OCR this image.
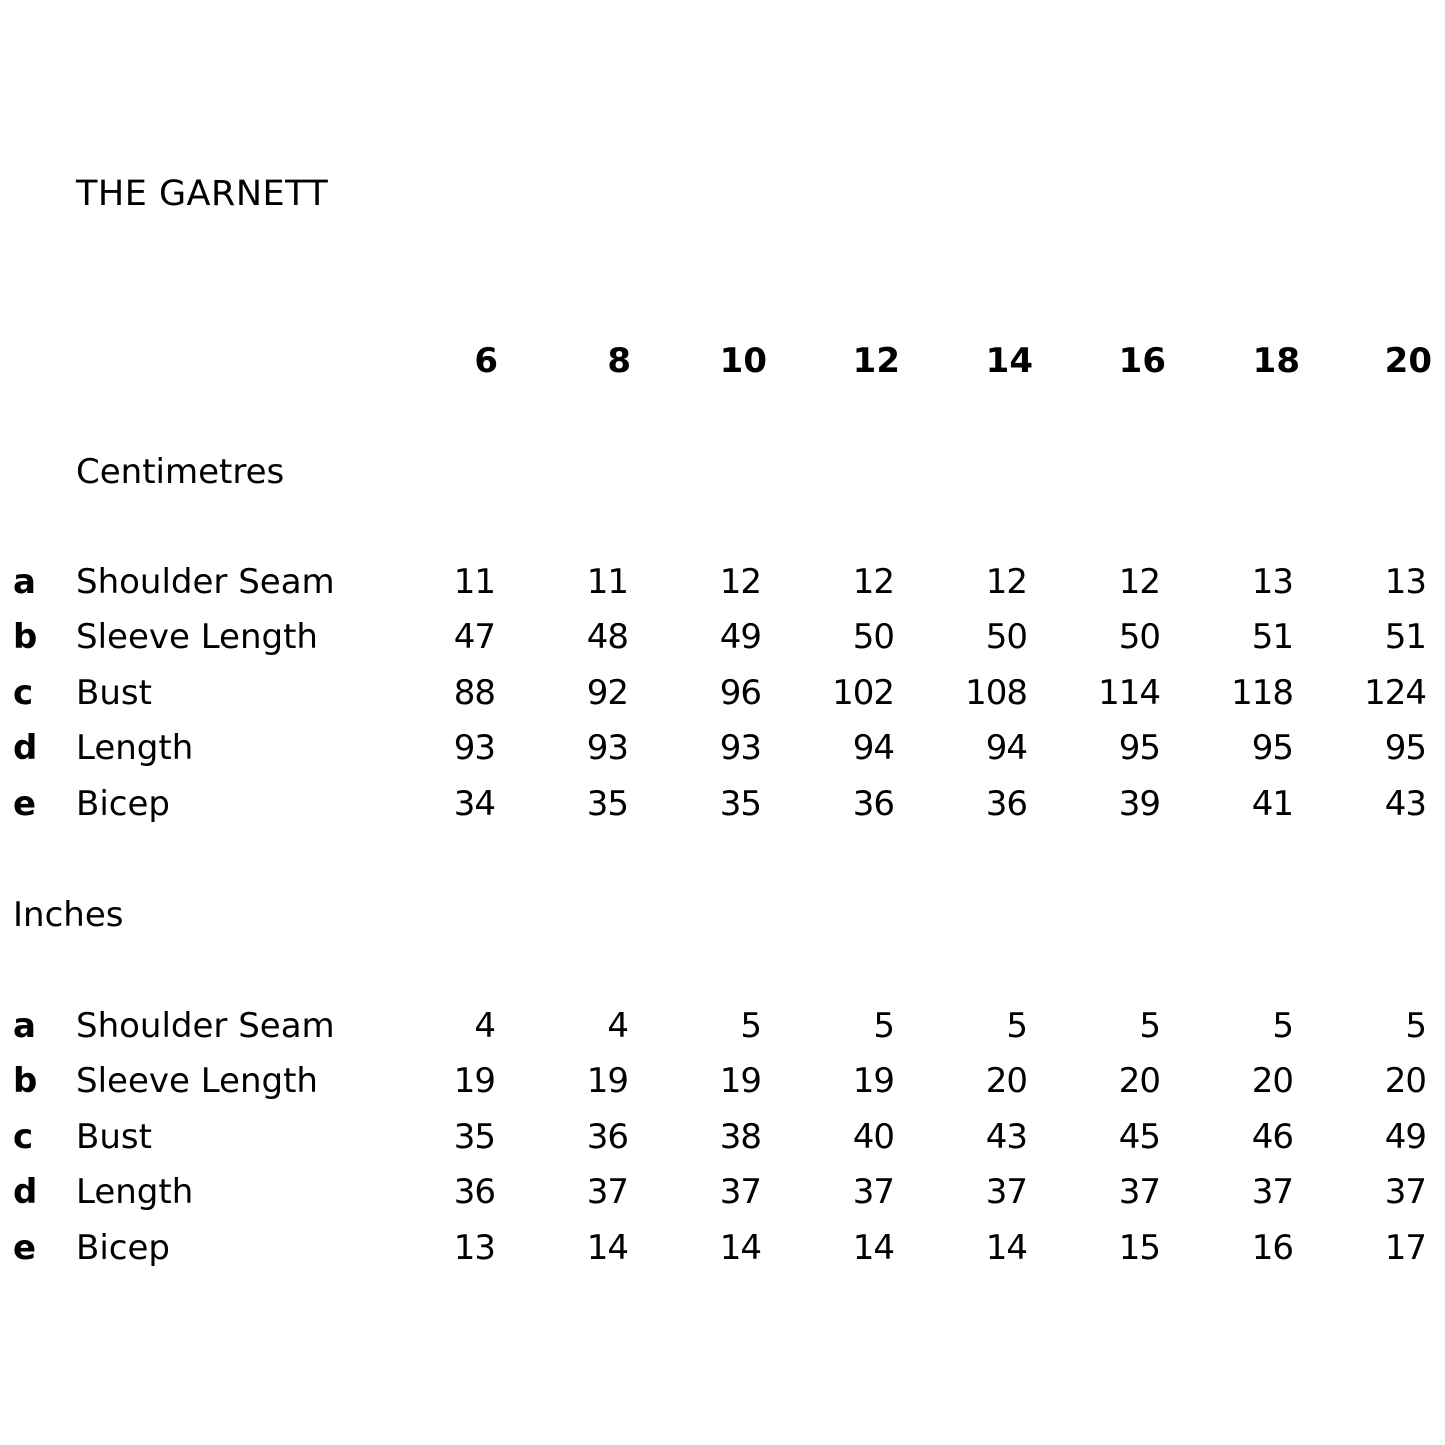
THE GARNETT
6	8	10	12	14	16	18	20
Centimetres
a Shoulder Seam	11	11	12	12	12	12	13	13
b Sleeve Length	47	48	49	50	50	50	51	51
c Bust	88	92	96	102	108	114	118	124
d Length	93	93	93	94	94	95	95	95
e Bicep	34	35	35	36	36	39	41	43
Inches
a Shoulder Seam	4	4	5	5	5	5	5	5
b Sleeve Length	19	19	19	19	20	20	20	20
c Bust	35	36	38	40	43	45	46	49
d Length	36	37	37	37	37	37	37	37
e Bicep	13	14	14	14	14	15	16	17
